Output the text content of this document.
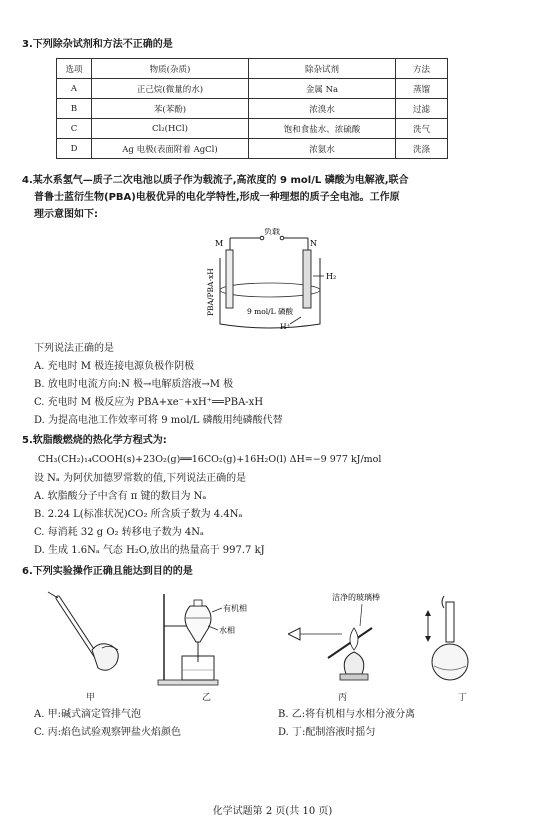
3.下列除杂试剂和方法不正确的是
选项	物质(杂质)	除杂试剂	方法
A	正己烷(微量的水)	金属 Na	蒸馏
B	苯(苯酚)	浓溴水	过滤
C	Cl₂(HCl)	饱和食盐水、浓硫酸	洗气
D	Ag 电极(表面附着 AgCl)	浓氨水	洗涤
4.某水系氢气—质子二次电池以质子作为载流子,高浓度的 9 mol/L 磷酸为电解液,联合
普鲁士蓝衍生物(PBA)电极优异的电化学特性,形成一种理想的质子全电池。工作原
理示意图如下:
负载
M	N
PBA/PBA-xH	H₂
9 mol/L 磷酸
H⁺
下列说法正确的是
A. 充电时 M 极连接电源负极作阴极
B. 放电时电流方向:N 极→电解质溶液→M 极
C. 充电时 M 极反应为 PBA+xe⁻+xH⁺══PBA-xH
D. 为提高电池工作效率可将 9 mol/L 磷酸用纯磷酸代替
5.软脂酸燃烧的热化学方程式为:
CH₃(CH₂)₁₄COOH(s)+23O₂(g)══16CO₂(g)+16H₂O(l) ΔH=−9 977 kJ/mol
设 Nₐ 为阿伏加德罗常数的值,下列说法正确的是
A. 软脂酸分子中含有 π 键的数目为 Nₐ
B. 2.24 L(标准状况)CO₂ 所含质子数为 4.4Nₐ
C. 每消耗 32 g O₂ 转移电子数为 4Nₐ
D. 生成 1.6Nₐ 气态 H₂O,放出的热量高于 997.7 kJ
6.下列实验操作正确且能达到目的的是
甲
有机相
水相
乙
洁净的玻璃棒
丙	丁
A. 甲:碱式滴定管排气泡	B. 乙:将有机相与水相分液分离
C. 丙:焰色试验观察钾盐火焰颜色	D. 丁:配制溶液时摇匀
化学试题第 2 页(共 10 页)
